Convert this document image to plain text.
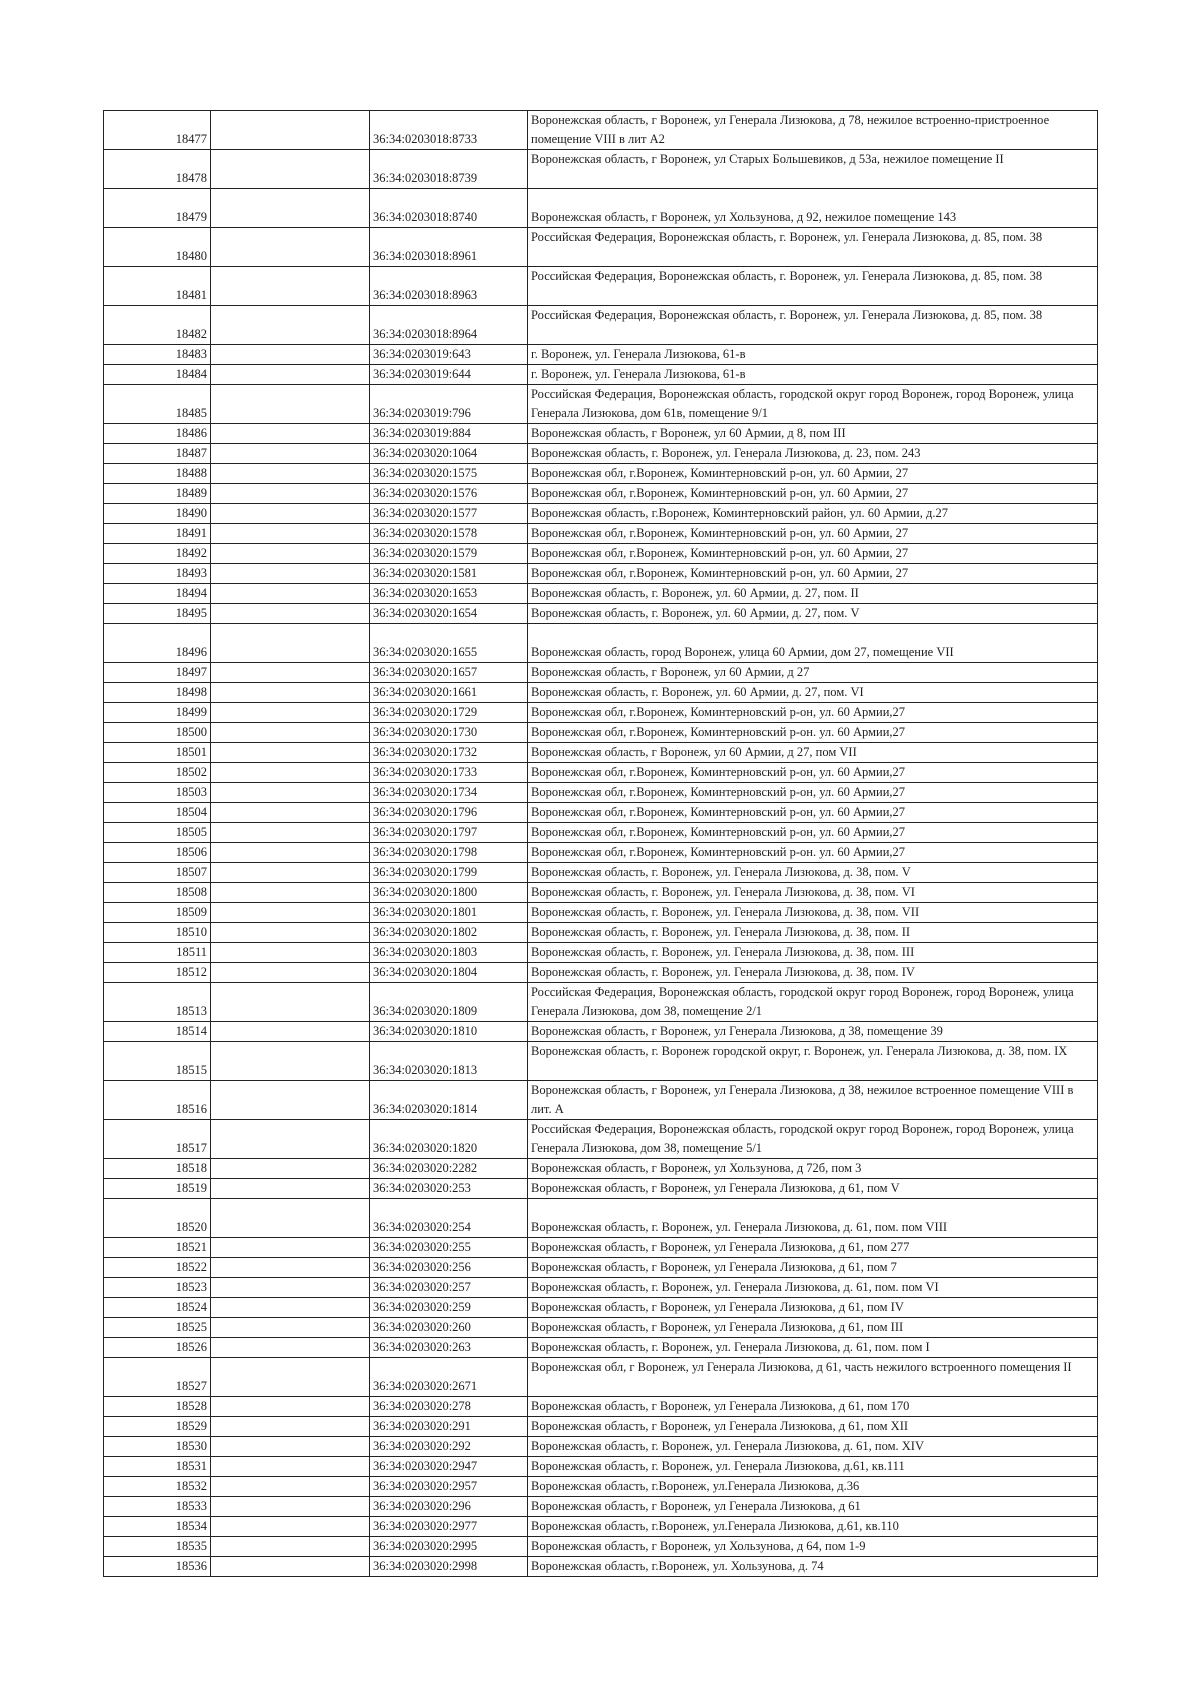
18477		36:34:0203018:8733	Воронежская область, г Воронеж, ул Генерала Лизюкова, д 78, нежилое встроенно-пристроенное помещение VIII в лит А2
18478		36:34:0203018:8739	Воронежская область, г Воронеж, ул Старых Большевиков, д 53а, нежилое помещение II
18479		36:34:0203018:8740	Воронежская область, г Воронеж, ул Хользунова, д 92, нежилое помещение 143
18480		36:34:0203018:8961	Российская Федерация, Воронежская область, г. Воронеж, ул. Генерала Лизюкова, д. 85, пом. 38
18481		36:34:0203018:8963	Российская Федерация, Воронежская область, г. Воронеж, ул. Генерала Лизюкова, д. 85, пом. 38
18482		36:34:0203018:8964	Российская Федерация, Воронежская область, г. Воронеж, ул. Генерала Лизюкова, д. 85, пом. 38
18483		36:34:0203019:643	г. Воронеж, ул. Генерала Лизюкова, 61-в
18484		36:34:0203019:644	г. Воронеж, ул. Генерала Лизюкова, 61-в
18485		36:34:0203019:796	Российская Федерация, Воронежская область, городской округ город Воронеж, город Воронеж, улица Генерала Лизюкова, дом 61в, помещение 9/1
18486		36:34:0203019:884	Воронежская область, г Воронеж, ул 60 Армии, д 8, пом III
18487		36:34:0203020:1064	Воронежская область, г. Воронеж, ул. Генерала Лизюкова, д. 23, пом. 243
18488		36:34:0203020:1575	Воронежская обл, г.Воронеж, Коминтерновский р-он, ул. 60 Армии, 27
18489		36:34:0203020:1576	Воронежская обл, г.Воронеж, Коминтерновский р-он, ул. 60 Армии, 27
18490		36:34:0203020:1577	Воронежская область, г.Воронеж, Коминтерновский район, ул. 60 Армии, д.27
18491		36:34:0203020:1578	Воронежская обл, г.Воронеж, Коминтерновский р-он, ул. 60 Армии, 27
18492		36:34:0203020:1579	Воронежская обл, г.Воронеж, Коминтерновский р-он, ул. 60 Армии, 27
18493		36:34:0203020:1581	Воронежская обл, г.Воронеж, Коминтерновский р-он, ул. 60 Армии, 27
18494		36:34:0203020:1653	Воронежская область, г. Воронеж, ул. 60 Армии, д. 27, пом. II
18495		36:34:0203020:1654	Воронежская область, г. Воронеж, ул. 60 Армии, д. 27, пом. V
18496		36:34:0203020:1655	Воронежская область, город Воронеж, улица 60 Армии, дом 27, помещение VII
18497		36:34:0203020:1657	Воронежская область, г Воронеж, ул 60 Армии, д 27
18498		36:34:0203020:1661	Воронежская область, г. Воронеж, ул. 60 Армии, д. 27, пом. VI
18499		36:34:0203020:1729	Воронежская обл, г.Воронеж, Коминтерновский р-он, ул. 60 Армии,27
18500		36:34:0203020:1730	Воронежская обл, г.Воронеж, Коминтерновский р-он. ул. 60 Армии,27
18501		36:34:0203020:1732	Воронежская область, г Воронеж, ул 60 Армии, д 27, пом VII
18502		36:34:0203020:1733	Воронежская обл, г.Воронеж, Коминтерновский р-он, ул. 60 Армии,27
18503		36:34:0203020:1734	Воронежская обл, г.Воронеж, Коминтерновский р-он, ул. 60 Армии,27
18504		36:34:0203020:1796	Воронежская обл, г.Воронеж, Коминтерновский р-он, ул. 60 Армии,27
18505		36:34:0203020:1797	Воронежская обл, г.Воронеж, Коминтерновский р-он, ул. 60 Армии,27
18506		36:34:0203020:1798	Воронежская обл, г.Воронеж, Коминтерновский р-он. ул. 60 Армии,27
18507		36:34:0203020:1799	Воронежская область, г. Воронеж, ул. Генерала Лизюкова, д. 38, пом. V
18508		36:34:0203020:1800	Воронежская область, г. Воронеж, ул. Генерала Лизюкова, д. 38, пом. VI
18509		36:34:0203020:1801	Воронежская область, г. Воронеж, ул. Генерала Лизюкова, д. 38, пом. VII
18510		36:34:0203020:1802	Воронежская область, г. Воронеж, ул. Генерала Лизюкова, д. 38, пом. II
18511		36:34:0203020:1803	Воронежская область, г. Воронеж, ул. Генерала Лизюкова, д. 38, пом. III
18512		36:34:0203020:1804	Воронежская область, г. Воронеж, ул. Генерала Лизюкова, д. 38, пом. IV
18513		36:34:0203020:1809	Российская Федерация, Воронежская область, городской округ город Воронеж, город Воронеж, улица Генерала Лизюкова, дом 38, помещение 2/1
18514		36:34:0203020:1810	Воронежская область, г Воронеж, ул Генерала Лизюкова, д 38, помещение 39
18515		36:34:0203020:1813	Воронежская область, г. Воронеж городской округ, г. Воронеж, ул. Генерала Лизюкова, д. 38, пом. IX
18516		36:34:0203020:1814	Воронежская область, г Воронеж, ул Генерала Лизюкова, д 38, нежилое встроенное помещение VIII в лит. А
18517		36:34:0203020:1820	Российская Федерация, Воронежская область, городской округ город Воронеж, город Воронеж, улица Генерала Лизюкова, дом 38, помещение 5/1
18518		36:34:0203020:2282	Воронежская область, г Воронеж, ул Хользунова, д 72б, пом 3
18519		36:34:0203020:253	Воронежская область, г Воронеж, ул Генерала Лизюкова, д 61, пом V
18520		36:34:0203020:254	Воронежская область, г. Воронеж, ул. Генерала Лизюкова, д. 61, пом. пом VIII
18521		36:34:0203020:255	Воронежская область, г Воронеж, ул Генерала Лизюкова, д 61, пом 277
18522		36:34:0203020:256	Воронежская область, г Воронеж, ул Генерала Лизюкова, д 61, пом 7
18523		36:34:0203020:257	Воронежская область, г. Воронеж, ул. Генерала Лизюкова, д. 61, пом. пом VI
18524		36:34:0203020:259	Воронежская область, г Воронеж, ул Генерала Лизюкова, д 61, пом IV
18525		36:34:0203020:260	Воронежская область, г Воронеж, ул Генерала Лизюкова, д 61, пом III
18526		36:34:0203020:263	Воронежская область, г. Воронеж, ул. Генерала Лизюкова, д. 61, пом. пом I
18527		36:34:0203020:2671	Воронежская обл, г Воронеж, ул Генерала Лизюкова, д 61, часть нежилого встроенного помещения II
18528		36:34:0203020:278	Воронежская область, г Воронеж, ул Генерала Лизюкова, д 61, пом 170
18529		36:34:0203020:291	Воронежская область, г Воронеж, ул Генерала Лизюкова, д 61, пом XII
18530		36:34:0203020:292	Воронежская область, г. Воронеж, ул. Генерала Лизюкова, д. 61, пом. XIV
18531		36:34:0203020:2947	Воронежская область, г. Воронеж, ул. Генерала Лизюкова, д.61, кв.111
18532		36:34:0203020:2957	Воронежская область, г.Воронеж, ул.Генерала Лизюкова, д.36
18533		36:34:0203020:296	Воронежская область, г Воронеж, ул Генерала Лизюкова, д 61
18534		36:34:0203020:2977	Воронежская область, г.Воронеж, ул.Генерала Лизюкова, д.61, кв.110
18535		36:34:0203020:2995	Воронежская область, г Воронеж, ул Хользунова, д 64, пом 1-9
18536		36:34:0203020:2998	Воронежская область, г.Воронеж, ул. Хользунова, д. 74
